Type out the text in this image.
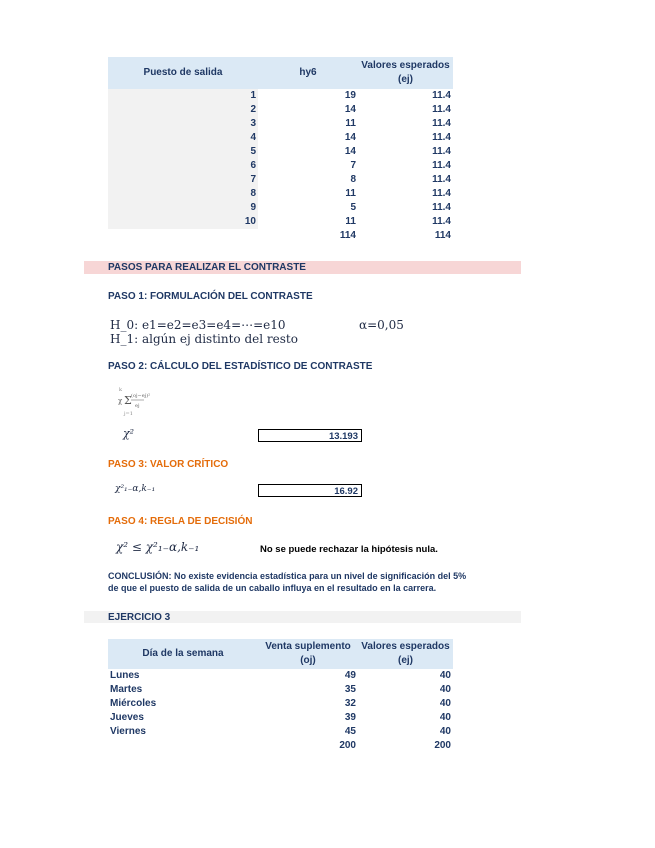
Puesto de salida	hy6	Valores esperados (ej)
1	19	11.4
2	14	11.4
3	11	11.4
4	14	11.4
5	14	11.4
6	7	11.4
7	8	11.4
8	11	11.4
9	5	11.4
10	11	11.4
	114	114
PASOS PARA REALIZAR EL CONTRASTE
PASO 1: FORMULACIÓN DEL CONTRASTE
H_0: e1=e2=e3=e4=⋯=e10	α=0,05
H_1: algún ej distinto del resto
PASO 2: CÁLCULO DEL ESTADÍSTICO DE CONTRASTE
χ Σ (oj−ej)²
ej
k
j=1
χ²	13.193
PASO 3: VALOR CRÍTICO
χ²₁₋α,k₋₁	16.92
PASO 4: REGLA DE DECISIÓN
χ² ≤ χ²₁₋α,k₋₁	No se puede rechazar la hipótesis nula.
CONCLUSIÓN: No existe evidencia estadística para un nivel de significación del 5%
de que el puesto de salida de un caballo influya en el resultado en la carrera.
EJERCICIO 3
Día de la semana	Venta suplemento (oj)	Valores esperados (ej)
Lunes	49	40
Martes	35	40
Miércoles	32	40
Jueves	39	40
Viernes	45	40
	200	200
